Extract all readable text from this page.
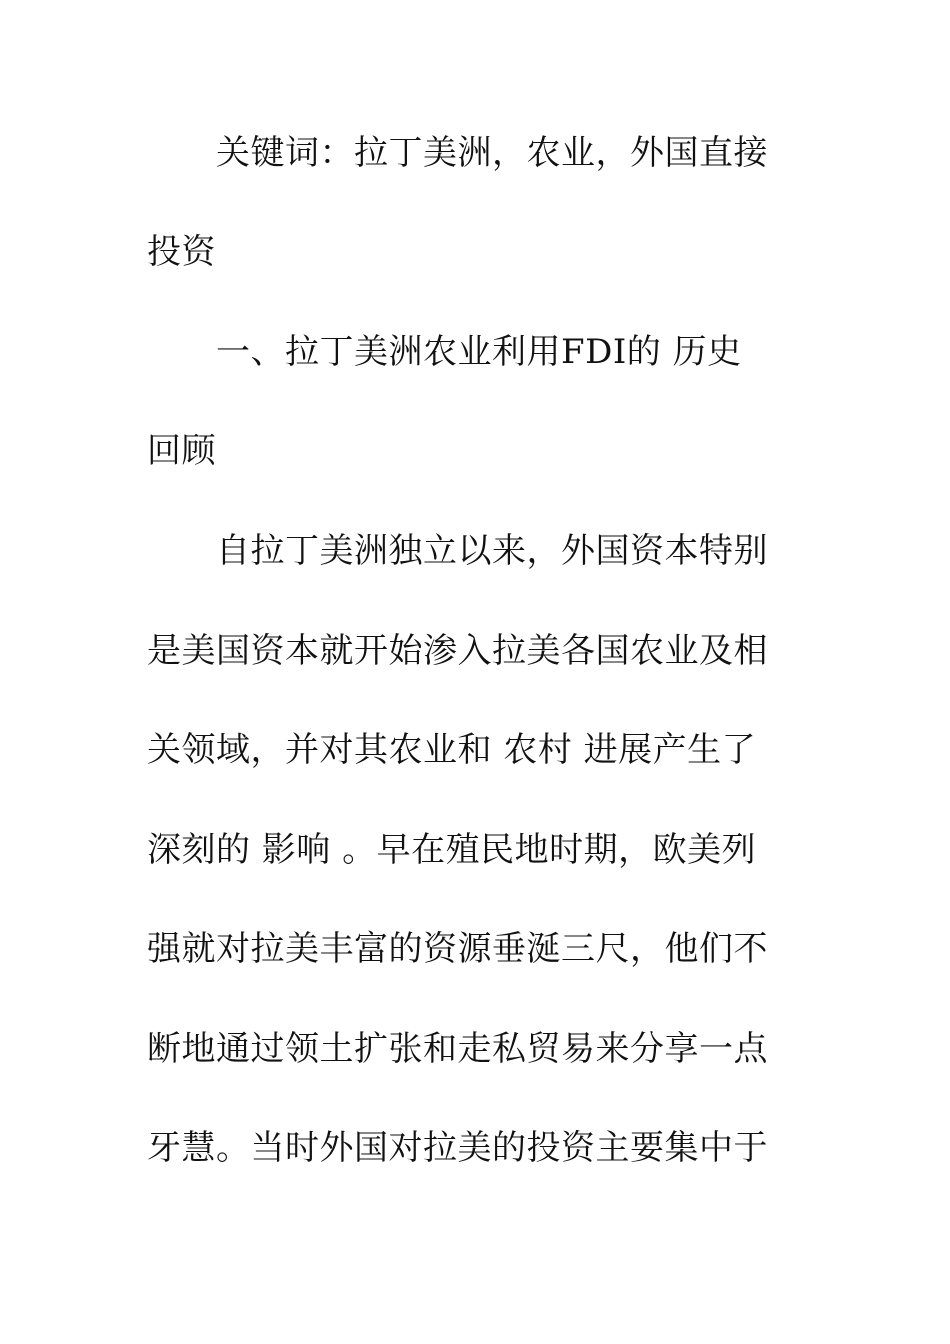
关键词：拉丁美洲，农业，外国直接
投资
一、拉丁美洲农业利用FDI的 历史
回顾
自拉丁美洲独立以来，外国资本特别
是美国资本就开始渗入拉美各国农业及相
关领域，并对其农业和 农村 进展产生了
深刻的 影响 。早在殖民地时期，欧美列
强就对拉美丰富的资源垂涎三尺，他们不
断地通过领土扩张和走私贸易来分享一点
牙慧。当时外国对拉美的投资主要集中于
